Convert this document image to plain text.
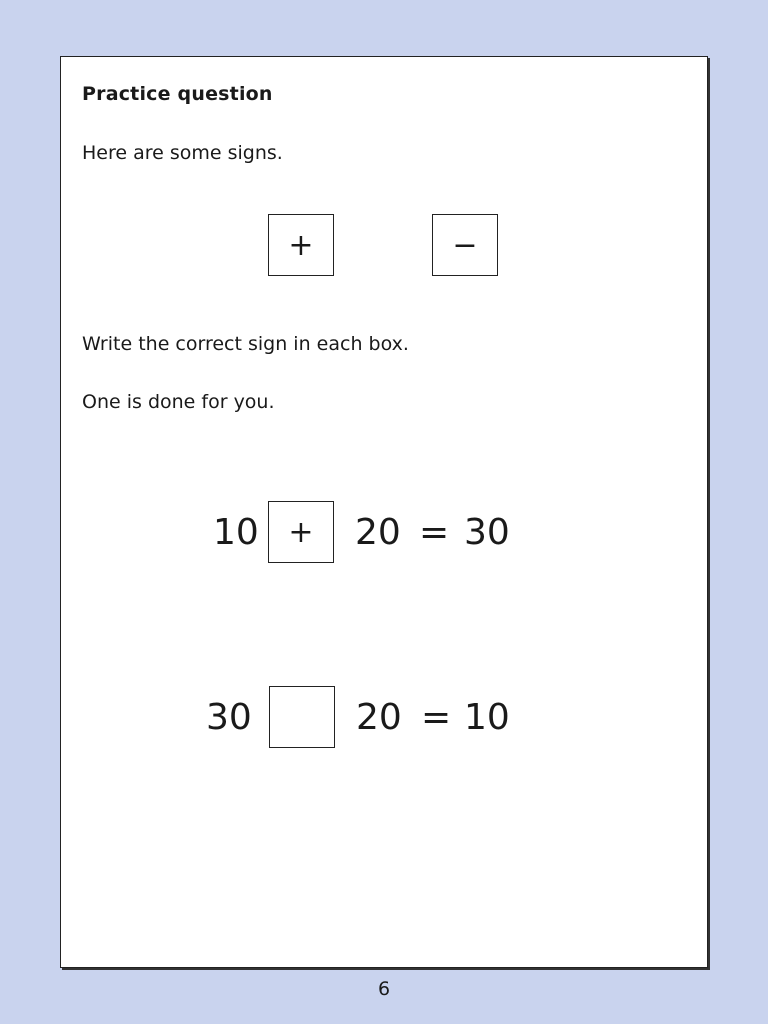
Practice question
Here are some signs.
+	−
Write the correct sign in each box.
One is done for you.
10 + 20 = 30
30	20 = 10
6
